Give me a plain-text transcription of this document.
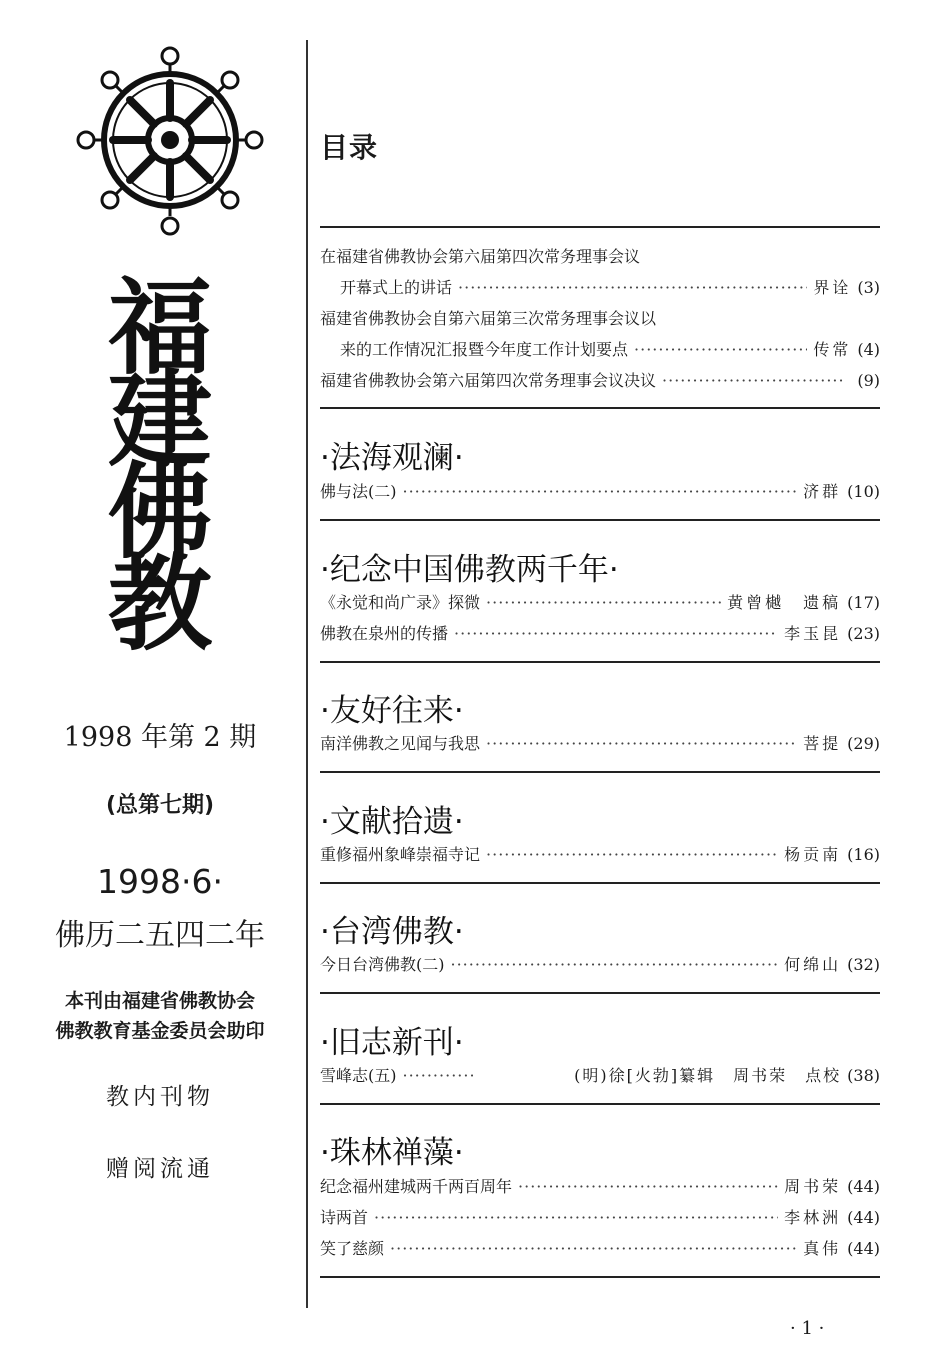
福
建
佛
教
1998 年第 2 期
(总第七期)
1998·6·
佛历二五四二年
本刊由福建省佛教协会
佛教教育基金委员会助印
教内刊物
赠阅流通
目录
在福建省佛教协会第六届第四次常务理事会议
开幕式上的讲话 ·····	界诠 (3)
福建省佛教协会自第六届第三次常务理事会议以
来的工作情况汇报暨今年度工作计划要点 ·····	传常 (4)
福建省佛教协会第六届第四次常务理事会议决议 ·····	(9)
·法海观澜·
佛与法(二) ·····	济群 (10)
·纪念中国佛教两千年·
《永觉和尚广录》探微 ·····	黄曾樾　遗稿 (17)
佛教在泉州的传播 ·····	李玉昆 (23)
·友好往来·
南洋佛教之见闻与我思 ·····	菩提 (29)
·文献拾遗·
重修福州象峰崇福寺记 ·····	杨贡南 (16)
·台湾佛教·
今日台湾佛教(二) ·····	何绵山 (32)
·旧志新刊·
雪峰志(五) ·····	(明)徐[火勃]纂辑　周书荣　点校 (38)
·珠林禅藻·
纪念福州建城两千两百周年 ·····	周书荣 (44)
诗两首 ·····	李林洲 (44)
笑了慈颜 ·····	真伟 (44)
· 1 ·
